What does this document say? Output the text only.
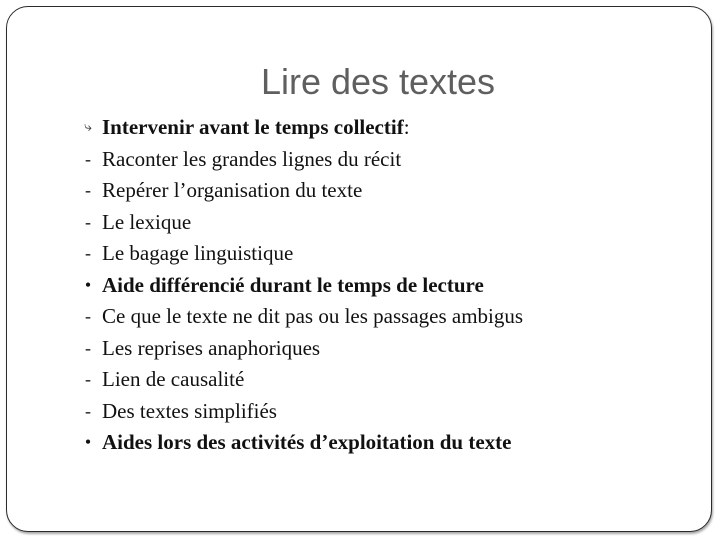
Lire des textes
⤷ Intervenir avant le temps collectif:
- Raconter les grandes lignes du récit
- Repérer l’organisation du texte
- Le lexique
- Le bagage linguistique
• Aide différencié durant le temps de lecture
- Ce que le texte ne dit pas ou les passages ambigus
- Les reprises anaphoriques
- Lien de causalité
- Des textes simplifiés
• Aides lors des activités d’exploitation du texte
